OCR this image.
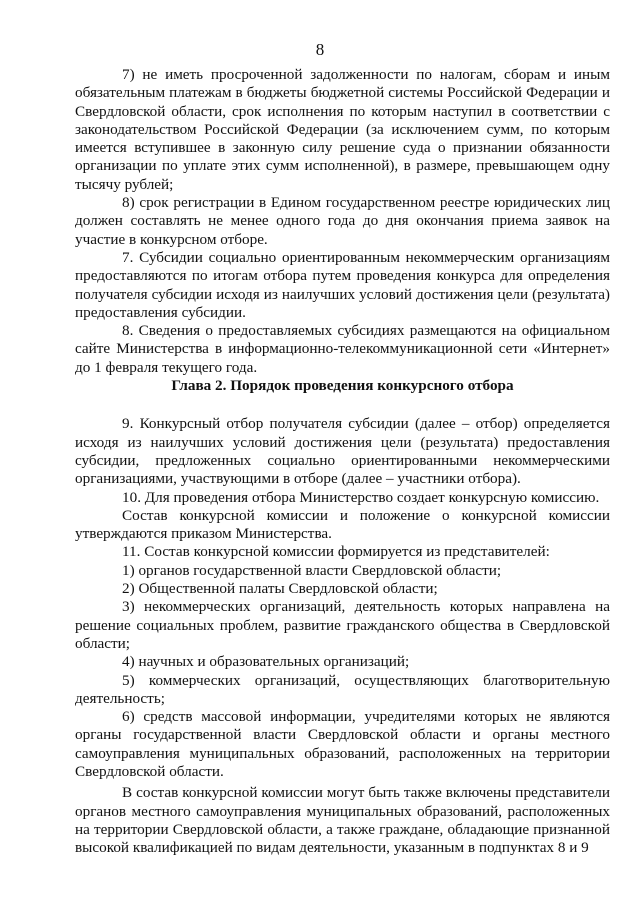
8

7) не иметь просроченной задолженности по налогам, сборам и иным обязательным платежам в бюджеты бюджетной системы Российской Федерации и Свердловской области, срок исполнения по которым наступил в соответствии с законодательством Российской Федерации (за исключением сумм, по которым имеется вступившее в законную силу решение суда о признании обязанности организации по уплате этих сумм исполненной), в размере, превышающем одну тысячу рублей;

8) срок регистрации в Едином государственном реестре юридических лиц должен составлять не менее одного года до дня окончания приема заявок на участие в конкурсном отборе.

7. Субсидии социально ориентированным некоммерческим организациям предоставляются по итогам отбора путем проведения конкурса для определения получателя субсидии исходя из наилучших условий достижения цели (результата) предоставления субсидии.

8. Сведения о предоставляемых субсидиях размещаются на официальном сайте Министерства в информационно-телекоммуникационной сети «Интернет» до 1 февраля текущего года.

Глава 2. Порядок проведения конкурсного отбора

9. Конкурсный отбор получателя субсидии (далее – отбор) определяется исходя из наилучших условий достижения цели (результата) предоставления субсидии, предложенных социально ориентированными некоммерческими организациями, участвующими в отборе (далее – участники отбора).

10. Для проведения отбора Министерство создает конкурсную комиссию.

Состав конкурсной комиссии и положение о конкурсной комиссии утверждаются приказом Министерства.

11. Состав конкурсной комиссии формируется из представителей:

1) органов государственной власти Свердловской области;

2) Общественной палаты Свердловской области;

3) некоммерческих организаций, деятельность которых направлена на решение социальных проблем, развитие гражданского общества в Свердловской области;

4) научных и образовательных организаций;

5) коммерческих организаций, осуществляющих благотворительную деятельность;

6) средств массовой информации, учредителями которых не являются органы государственной власти Свердловской области и органы местного самоуправления муниципальных образований, расположенных на территории Свердловской области.

В состав конкурсной комиссии могут быть также включены представители органов местного самоуправления муниципальных образований, расположенных на территории Свердловской области, а также граждане, обладающие признанной высокой квалификацией по видам деятельности, указанным в подпунктах 8 и 9
